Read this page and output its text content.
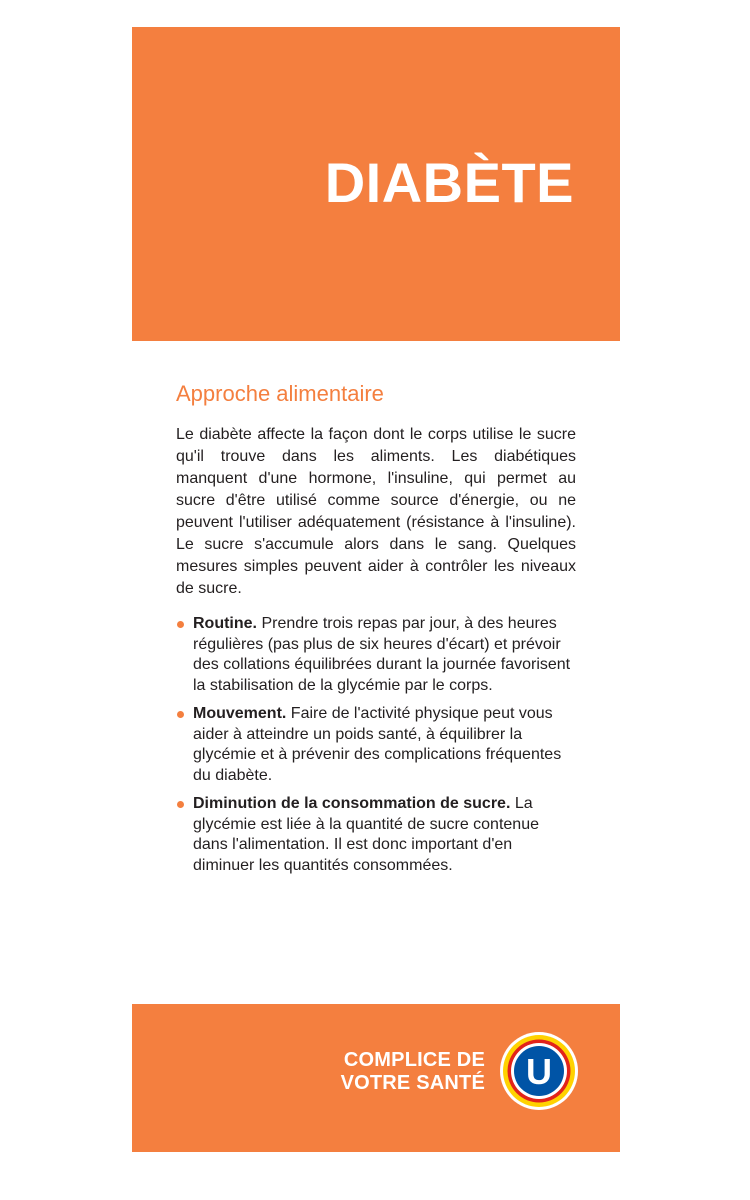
DIABÈTE
Approche alimentaire

Le diabète affecte la façon dont le corps utilise le sucre qu'il trouve dans les aliments. Les diabétiques manquent d'une hormone, l'insuline, qui permet au sucre d'être utilisé comme source d'énergie, ou ne peuvent l'utiliser adéquatement (résistance à l'insuline). Le sucre s'accumule alors dans le sang. Quelques mesures simples peuvent aider à contrôler les niveaux de sucre.

Routine. Prendre trois repas par jour, à des heures régulières (pas plus de six heures d'écart) et prévoir des collations équilibrées durant la journée favorisent la stabilisation de la glycémie par le corps.
Mouvement. Faire de l'activité physique peut vous aider à atteindre un poids santé, à équilibrer la glycémie et à prévenir des complications fréquentes du diabète.
Diminution de la consommation de sucre. La glycémie est liée à la quantité de sucre contenue dans l'alimentation. Il est donc important d'en diminuer les quantités consommées.
COMPLICE DE
VOTRE SANTÉ U
